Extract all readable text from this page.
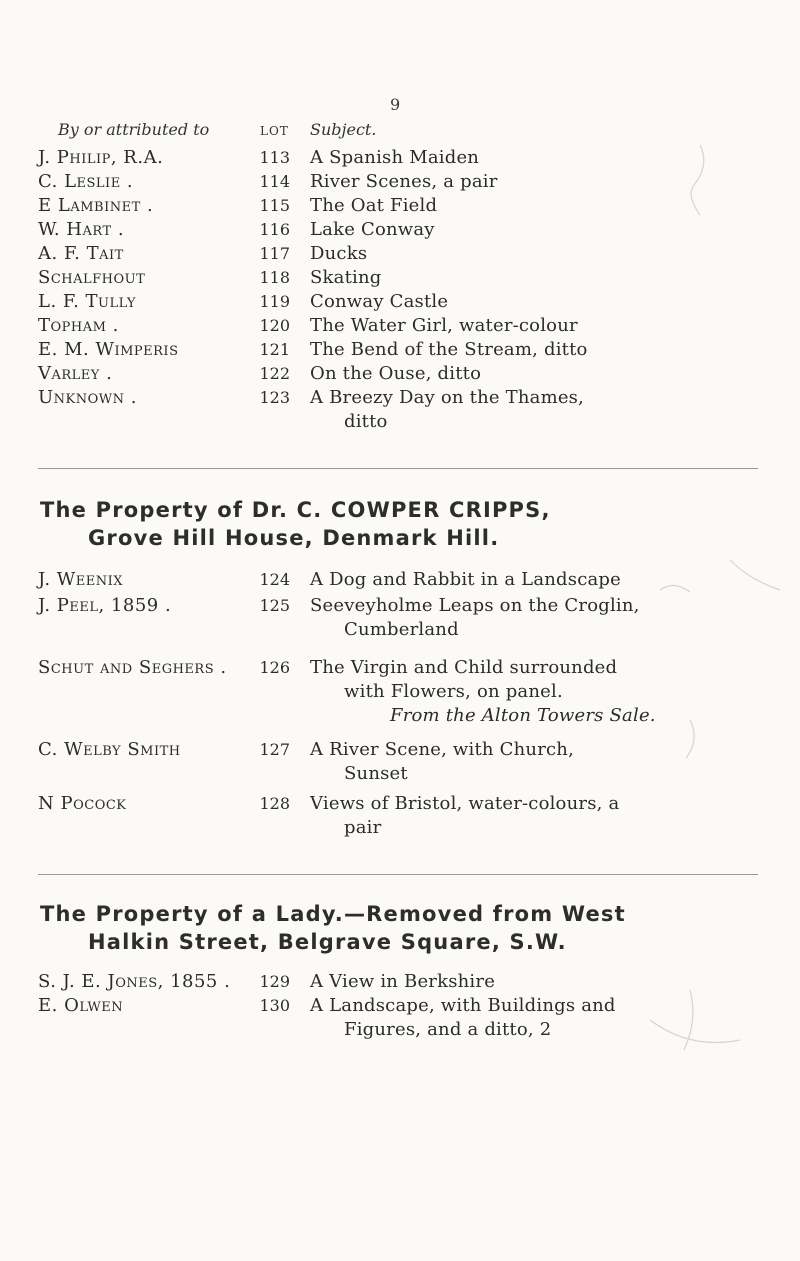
9
By or attributed to	LOT Subject.
J. Philip, R.A.	113 A Spanish Maiden
C. Leslie .	114 River Scenes, a pair
E Lambinet .	115 The Oat Field
W. Hart .	116 Lake Conway
A. F. Tait	117 Ducks
Schalfhout	118 Skating
L. F. Tully	119 Conway Castle
Topham .	120 The Water Girl, water-colour
E. M. Wimperis	121 The Bend of the Stream, ditto
Varley .	122 On the Ouse, ditto
Unknown .	123 A Breezy Day on the Thames,
ditto
The Property of Dr. C. COWPER CRIPPS,
Grove Hill House, Denmark Hill.
J. Weenix	124 A Dog and Rabbit in a Landscape
J. Peel, 1859 .	125 Seeveyholme Leaps on the Croglin,
Cumberland
Schut and Seghers .	126 The Virgin and Child surrounded
with Flowers, on panel.
From the Alton Towers Sale.
C. Welby Smith	127 A River Scene, with Church,
Sunset
N Pocock	128 Views of Bristol, water-colours, a
pair
The Property of a Lady.—Removed from West
Halkin Street, Belgrave Square, S.W.
S. J. E. Jones, 1855 .	129 A View in Berkshire
E. Olwen	130 A Landscape, with Buildings and
Figures, and a ditto, 2
